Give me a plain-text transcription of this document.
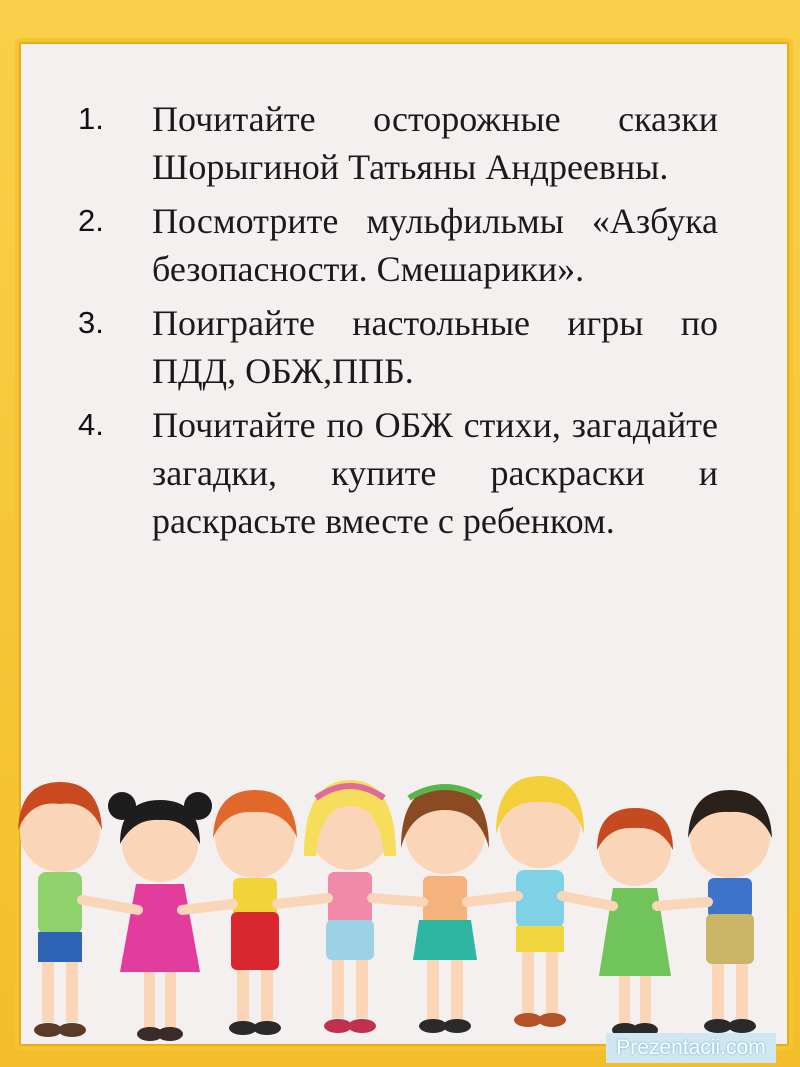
1.	Почитайте осторожные сказки Шорыгиной Татьяны Андреевны.
2.	Посмотрите мульфильмы «Азбука безопасности. Смешарики».
3.	Поиграйте настольные игры по ПДД, ОБЖ,ППБ.
4.	Почитайте по ОБЖ стихи, загадайте загадки, купите раскраски и раскрасьте вместе с ребенком.
Prezentacii.com
